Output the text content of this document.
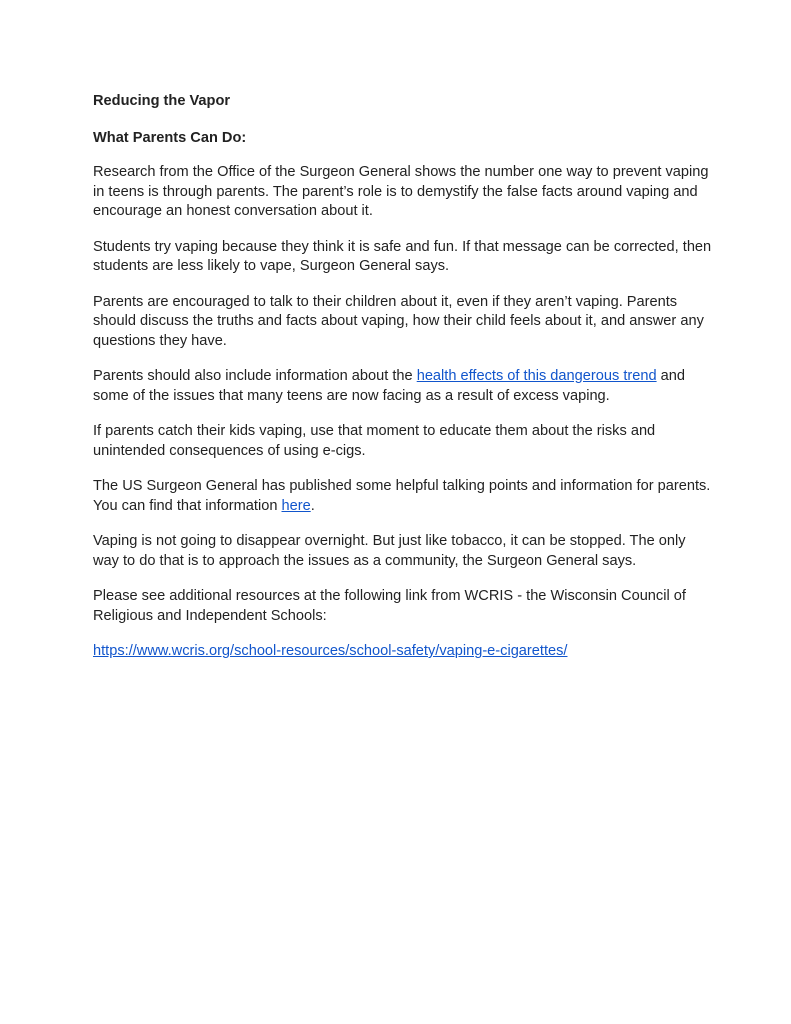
Reducing the Vapor

What Parents Can Do:

Research from the Office of the Surgeon General shows the number one way to prevent vaping in teens is through parents. The parent’s role is to demystify the false facts around vaping and encourage an honest conversation about it.

Students try vaping because they think it is safe and fun. If that message can be corrected, then students are less likely to vape, Surgeon General says.

Parents are encouraged to talk to their children about it, even if they aren’t vaping. Parents should discuss the truths and facts about vaping, how their child feels about it, and answer any questions they have.

Parents should also include information about the health effects of this dangerous trend and some of the issues that many teens are now facing as a result of excess vaping.

If parents catch their kids vaping, use that moment to educate them about the risks and unintended consequences of using e-cigs.

The US Surgeon General has published some helpful talking points and information for parents. You can find that information here.

Vaping is not going to disappear overnight. But just like tobacco, it can be stopped. The only way to do that is to approach the issues as a community, the Surgeon General says.

Please see additional resources at the following link from WCRIS - the Wisconsin Council of Religious and Independent Schools:

https://www.wcris.org/school-resources/school-safety/vaping-e-cigarettes/
